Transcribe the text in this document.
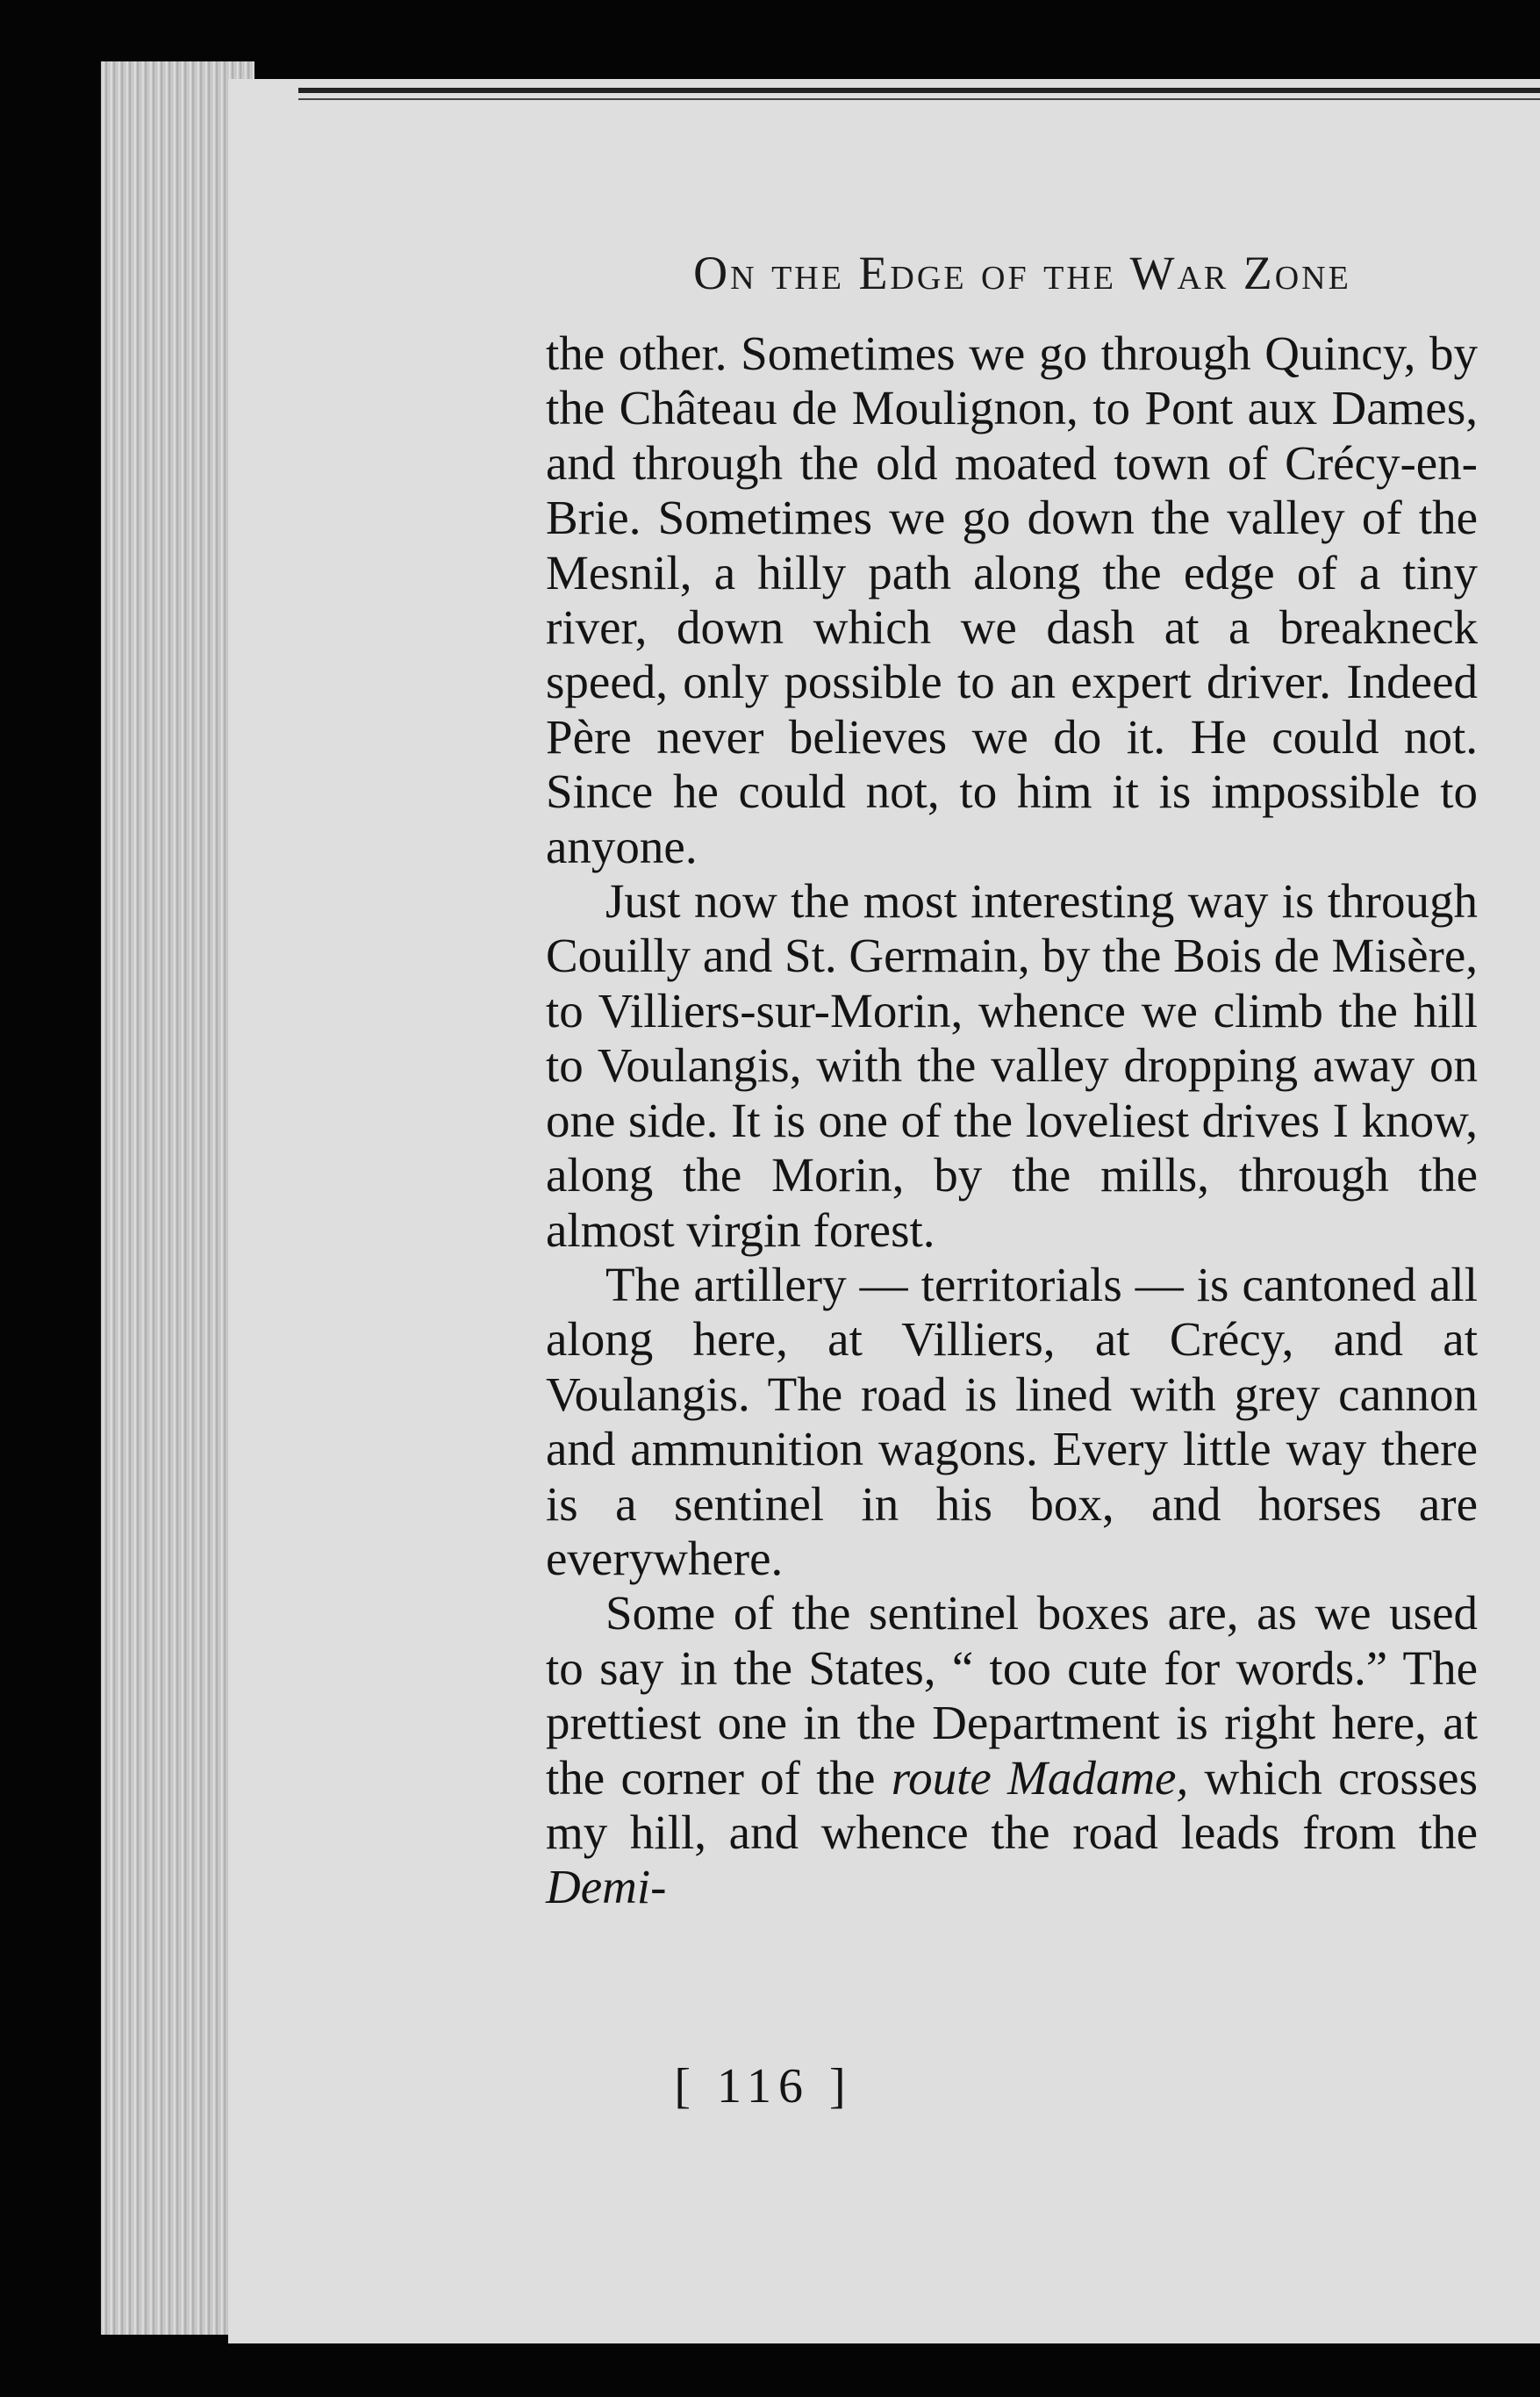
On the Edge of the War Zone

the other. Sometimes we go through Quincy, by the Château de Moulignon, to Pont aux Dames, and through the old moated town of Crécy-en-Brie. Sometimes we go down the valley of the Mesnil, a hilly path along the edge of a tiny river, down which we dash at a breakneck speed, only possible to an expert driver. Indeed Père never believes we do it. He could not. Since he could not, to him it is impossible to anyone.

Just now the most interesting way is through Couilly and St. Germain, by the Bois de Misère, to Villiers-sur-Morin, whence we climb the hill to Voulangis, with the valley dropping away on one side. It is one of the loveliest drives I know, along the Morin, by the mills, through the almost virgin forest.

The artillery — territorials — is cantoned all along here, at Villiers, at Crécy, and at Voulangis. The road is lined with grey cannon and ammunition wagons. Every little way there is a sentinel in his box, and horses are everywhere.

Some of the sentinel boxes are, as we used to say in the States, “ too cute for words.” The prettiest one in the Department is right here, at the corner of the route Madame, which crosses my hill, and whence the road leads from the Demi-

[ 116 ]
